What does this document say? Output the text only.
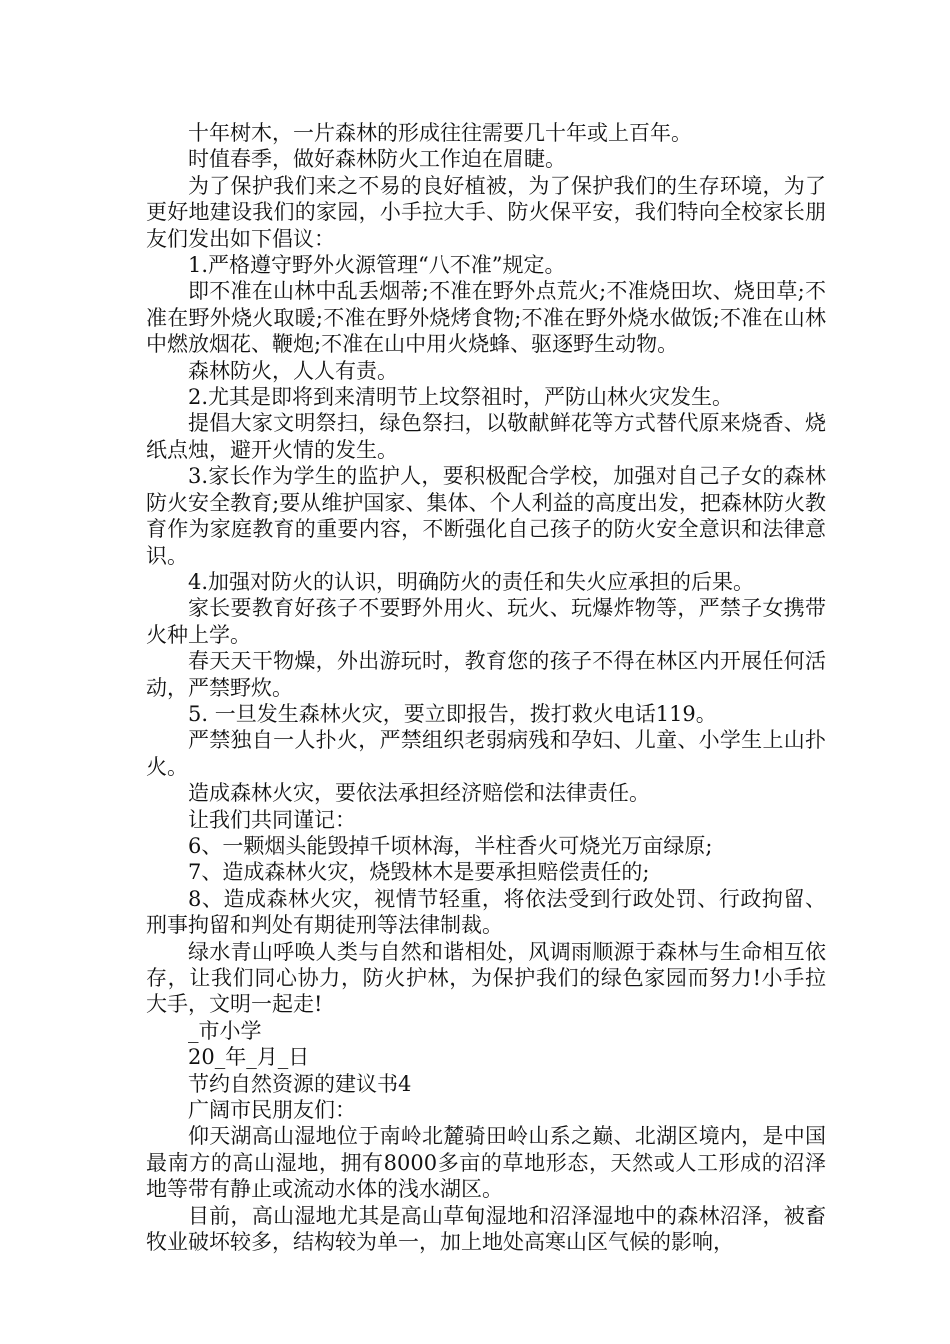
十年树木，一片森林的形成往往需要几十年或上百年。

时值春季，做好森林防火工作迫在眉睫。

为了保护我们来之不易的良好植被，为了保护我们的生存环境，为了更好地建设我们的家园，小手拉大手、防火保平安，我们特向全校家长朋友们发出如下倡议：

1.严格遵守野外火源管理“八不准”规定。

即不准在山林中乱丢烟蒂;不准在野外点荒火;不准烧田坎、烧田草;不准在野外烧火取暖;不准在野外烧烤食物;不准在野外烧水做饭;不准在山林中燃放烟花、鞭炮;不准在山中用火烧蜂、驱逐野生动物。

森林防火，人人有责。

2.尤其是即将到来清明节上坟祭祖时，严防山林火灾发生。

提倡大家文明祭扫，绿色祭扫，以敬献鲜花等方式替代原来烧香、烧纸点烛，避开火情的发生。

3.家长作为学生的监护人，要积极配合学校，加强对自己子女的森林防火安全教育;要从维护国家、集体、个人利益的高度出发，把森林防火教育作为家庭教育的重要内容，不断强化自己孩子的防火安全意识和法律意识。

4.加强对防火的认识，明确防火的责任和失火应承担的后果。

家长要教育好孩子不要野外用火、玩火、玩爆炸物等，严禁子女携带火种上学。

春天天干物燥，外出游玩时，教育您的孩子不得在林区内开展任何活动，严禁野炊。

5. 一旦发生森林火灾，要立即报告，拨打救火电话119。

严禁独自一人扑火，严禁组织老弱病残和孕妇、儿童、小学生上山扑火。

造成森林火灾，要依法承担经济赔偿和法律责任。

让我们共同谨记：

6、一颗烟头能毁掉千顷林海，半柱香火可烧光万亩绿原;

7、造成森林火灾，烧毁林木是要承担赔偿责任的;

8、造成森林火灾，视情节轻重，将依法受到行政处罚、行政拘留、刑事拘留和判处有期徒刑等法律制裁。

绿水青山呼唤人类与自然和谐相处，风调雨顺源于森林与生命相互依存，让我们同心协力，防火护林，为保护我们的绿色家园而努力!小手拉大手，文明一起走!

_市小学

20_年_月_日

节约自然资源的建议书4

广阔市民朋友们：

仰天湖高山湿地位于南岭北麓骑田岭山系之巅、北湖区境内，是中国最南方的高山湿地，拥有8000多亩的草地形态，天然或人工形成的沼泽地等带有静止或流动水体的浅水湖区。

目前，高山湿地尤其是高山草甸湿地和沼泽湿地中的森林沼泽，被畜牧业破坏较多，结构较为单一，加上地处高寒山区气候的影响，
